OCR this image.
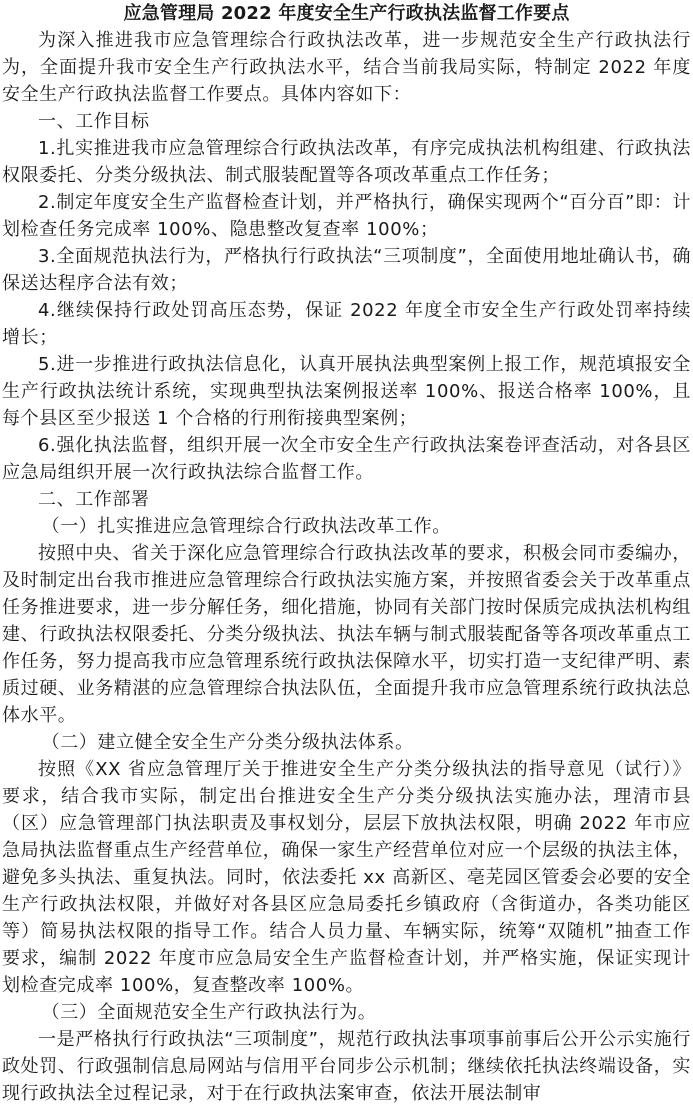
应急管理局 2022 年度安全生产行政执法监督工作要点

为深入推进我市应急管理综合行政执法改革，进一步规范安全生产行政执法行为，全面提升我市安全生产行政执法水平，结合当前我局实际，特制定 2022 年度安全生产行政执法监督工作要点。具体内容如下：

一、工作目标

1.扎实推进我市应急管理综合行政执法改革，有序完成执法机构组建、行政执法权限委托、分类分级执法、制式服装配置等各项改革重点工作任务；

2.制定年度安全生产监督检查计划，并严格执行，确保实现两个“百分百”即：计划检查任务完成率 100%、隐患整改复查率 100%；

3.全面规范执法行为，严格执行行政执法“三项制度”，全面使用地址确认书，确保送达程序合法有效；

4.继续保持行政处罚高压态势，保证 2022 年度全市安全生产行政处罚率持续增长；

5.进一步推进行政执法信息化，认真开展执法典型案例上报工作，规范填报安全生产行政执法统计系统，实现典型执法案例报送率 100%、报送合格率 100%，且每个县区至少报送 1 个合格的行刑衔接典型案例；

6.强化执法监督，组织开展一次全市安全生产行政执法案卷评查活动，对各县区应急局组织开展一次行政执法综合监督工作。

二、工作部署

（一）扎实推进应急管理综合行政执法改革工作。

按照中央、省关于深化应急管理综合行政执法改革的要求，积极会同市委编办，及时制定出台我市推进应急管理综合行政执法实施方案，并按照省委会关于改革重点任务推进要求，进一步分解任务，细化措施，协同有关部门按时保质完成执法机构组建、行政执法权限委托、分类分级执法、执法车辆与制式服装配备等各项改革重点工作任务，努力提高我市应急管理系统行政执法保障水平，切实打造一支纪律严明、素质过硬、业务精湛的应急管理综合执法队伍，全面提升我市应急管理系统行政执法总体水平。

（二）建立健全安全生产分类分级执法体系。

按照《XX 省应急管理厅关于推进安全生产分类分级执法的指导意见（试行）》要求，结合我市实际，制定出台推进安全生产分类分级执法实施办法，理清市县（区）应急管理部门执法职责及事权划分，层层下放执法权限，明确 2022 年市应急局执法监督重点生产经营单位，确保一家生产经营单位对应一个层级的执法主体，避免多头执法、重复执法。同时，依法委托 xx 高新区、亳芜园区管委会必要的安全生产行政执法权限，并做好对各县区应急局委托乡镇政府（含街道办，各类功能区等）简易执法权限的指导工作。结合人员力量、车辆实际，统筹“双随机”抽查工作要求，编制 2022 年度市应急局安全生产监督检查计划，并严格实施，保证实现计划检查完成率 100%，复查整改率 100%。

（三）全面规范安全生产行政执法行为。

一是严格执行行政执法“三项制度”，规范行政执法事项事前事后公开公示实施行政处罚、行政强制信息局网站与信用平台同步公示机制；继续依托执法终端设备，实现行政执法全过程记录，对于在行政执法案审查，依法开展法制审
